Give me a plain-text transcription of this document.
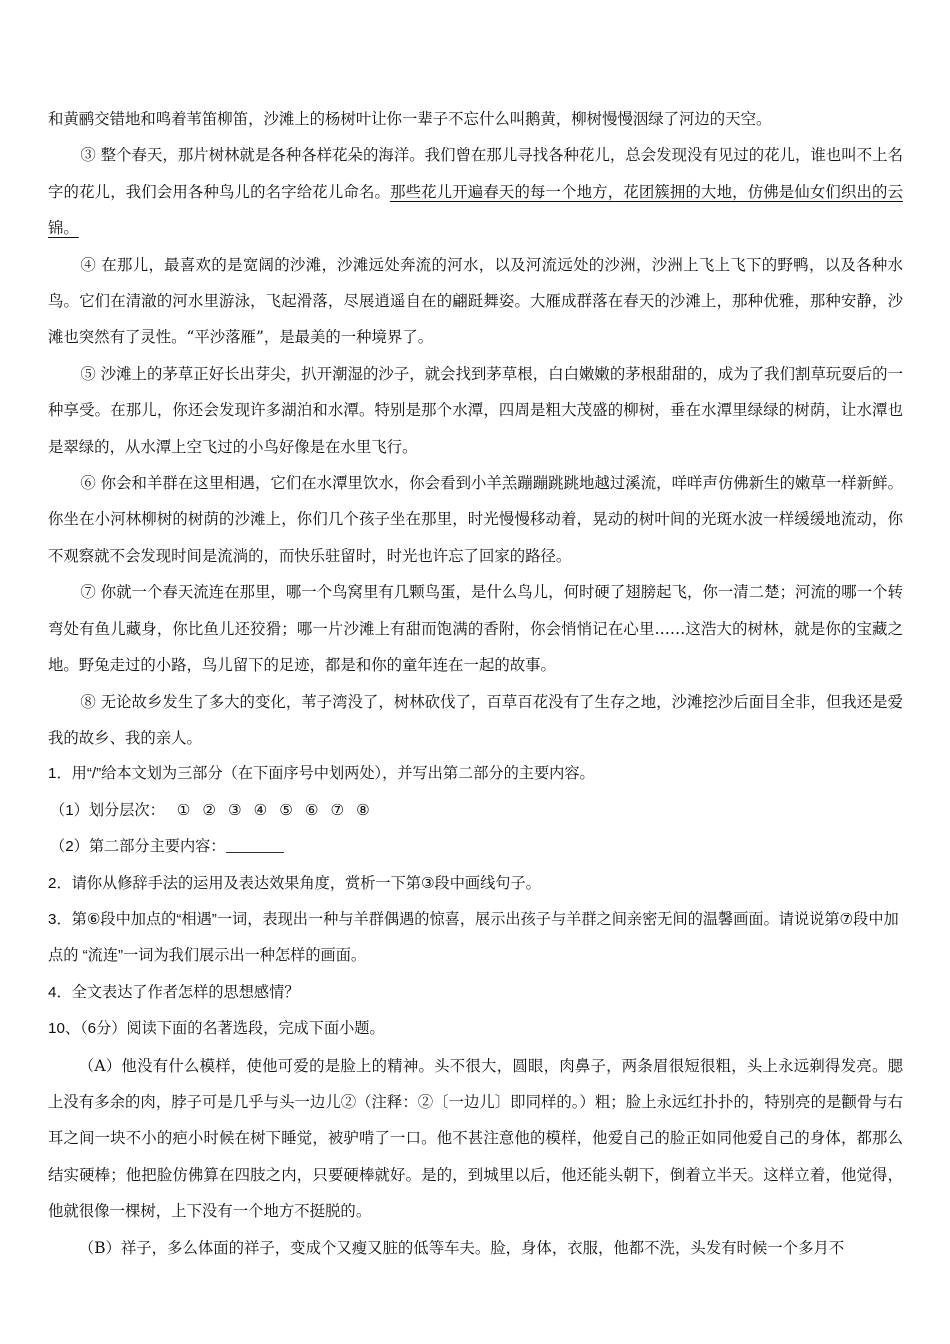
和黄鹂交错地和鸣着苇笛柳笛，沙滩上的杨树叶让你一辈子不忘什么叫鹅黄，柳树慢慢洇绿了河边的天空。

③ 整个春天，那片树林就是各种各样花朵的海洋。我们曾在那儿寻找各种花儿，总会发现没有见过的花儿，谁也叫不上名字的花儿，我们会用各种鸟儿的名字给花儿命名。那些花儿开遍春天的每一个地方，花团簇拥的大地，仿佛是仙女们织出的云锦。

④ 在那儿，最喜欢的是宽阔的沙滩，沙滩远处奔流的河水，以及河流远处的沙洲，沙洲上飞上飞下的野鸭，以及各种水鸟。它们在清澈的河水里游泳，飞起滑落，尽展逍遥自在的翩跹舞姿。大雁成群落在春天的沙滩上，那种优雅，那种安静，沙滩也突然有了灵性。“平沙落雁”，是最美的一种境界了。

⑤ 沙滩上的茅草正好长出芽尖，扒开潮湿的沙子，就会找到茅草根，白白嫩嫩的茅根甜甜的，成为了我们割草玩耍后的一种享受。在那儿，你还会发现许多湖泊和水潭。特别是那个水潭，四周是粗大茂盛的柳树，垂在水潭里绿绿的树荫，让水潭也是翠绿的，从水潭上空飞过的小鸟好像是在水里飞行。

⑥ 你会和羊群在这里相遇，它们在水潭里饮水，你会看到小羊羔蹦蹦跳跳地越过溪流，咩咩声仿佛新生的嫩草一样新鲜。你坐在小河林柳树的树荫的沙滩上，你们几个孩子坐在那里，时光慢慢移动着，晃动的树叶间的光斑水波一样缓缓地流动，你不观察就不会发现时间是流淌的，而快乐驻留时，时光也许忘了回家的路径。

⑦ 你就一个春天流连在那里，哪一个鸟窝里有几颗鸟蛋，是什么鸟儿，何时硬了翅膀起飞，你一清二楚；河流的哪一个转弯处有鱼儿藏身，你比鱼儿还狡猾；哪一片沙滩上有甜而饱满的香附，你会悄悄记在心里……这浩大的树林，就是你的宝藏之地。野兔走过的小路，鸟儿留下的足迹，都是和你的童年连在一起的故事。

⑧ 无论故乡发生了多大的变化，苇子湾没了，树林砍伐了，百草百花没有了生存之地，沙滩挖沙后面目全非，但我还是爱我的故乡、我的亲人。

1．用“/”给本文划为三部分（在下面序号中划两处），并写出第二部分的主要内容。

（1）划分层次： ① ② ③ ④ ⑤ ⑥ ⑦ ⑧

（2）第二部分主要内容：

2．请你从修辞手法的运用及表达效果角度，赏析一下第③段中画线句子。

3．第⑥段中加点的“相遇”一词，表现出一种与羊群偶遇的惊喜，展示出孩子与羊群之间亲密无间的温馨画面。请说说第⑦段中加点的 “流连”一词为我们展示出一种怎样的画面。

4．全文表达了作者怎样的思想感情？

10、（6分）阅读下面的名著选段，完成下面小题。

（A）他没有什么模样，使他可爱的是脸上的精神。头不很大，圆眼，肉鼻子，两条眉很短很粗，头上永远剃得发亮。腮上没有多余的肉，脖子可是几乎与头一边儿②（注释：②〔一边儿〕即同样的。）粗；脸上永远红扑扑的，特别亮的是颧骨与右耳之间一块不小的疤小时候在树下睡觉，被驴啃了一口。他不甚注意他的模样，他爱自己的脸正如同他爱自己的身体，都那么结实硬棒；他把脸仿佛算在四肢之内，只要硬棒就好。是的，到城里以后，他还能头朝下，倒着立半天。这样立着，他觉得，他就很像一棵树，上下没有一个地方不挺脱的。

（B）祥子，多么体面的祥子，变成个又瘦又脏的低等车夫。脸，身体，衣服，他都不洗，头发有时候一个多月不
